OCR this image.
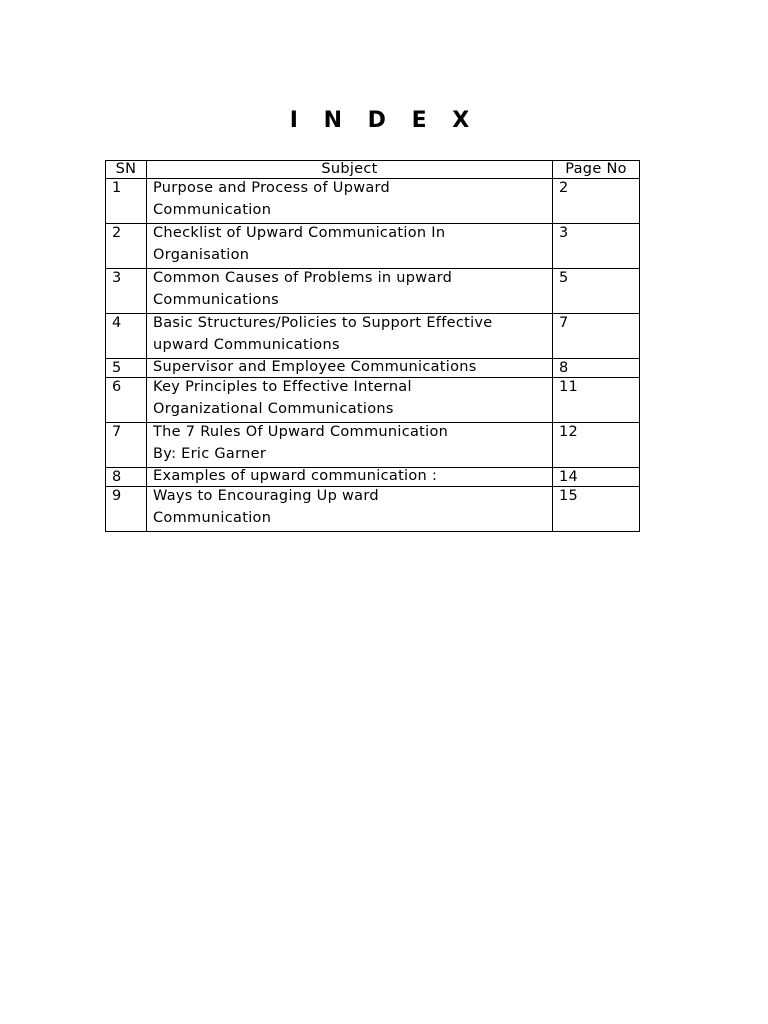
I N D E X
SN	Subject	Page No
1	Purpose and Process of Upward
Communication	2
2	Checklist of Upward Communication In
Organisation	3
3	Common Causes of Problems in upward
Communications	5
4	Basic Structures/Policies to Support Effective
upward Communications	7
5	Supervisor and Employee Communications	8
6	Key Principles to Effective Internal
Organizational Communications	11
7	The 7 Rules Of Upward Communication
By: Eric Garner	12
8	Examples of upward communication :	14
9	Ways to Encouraging Up ward
Communication	15
